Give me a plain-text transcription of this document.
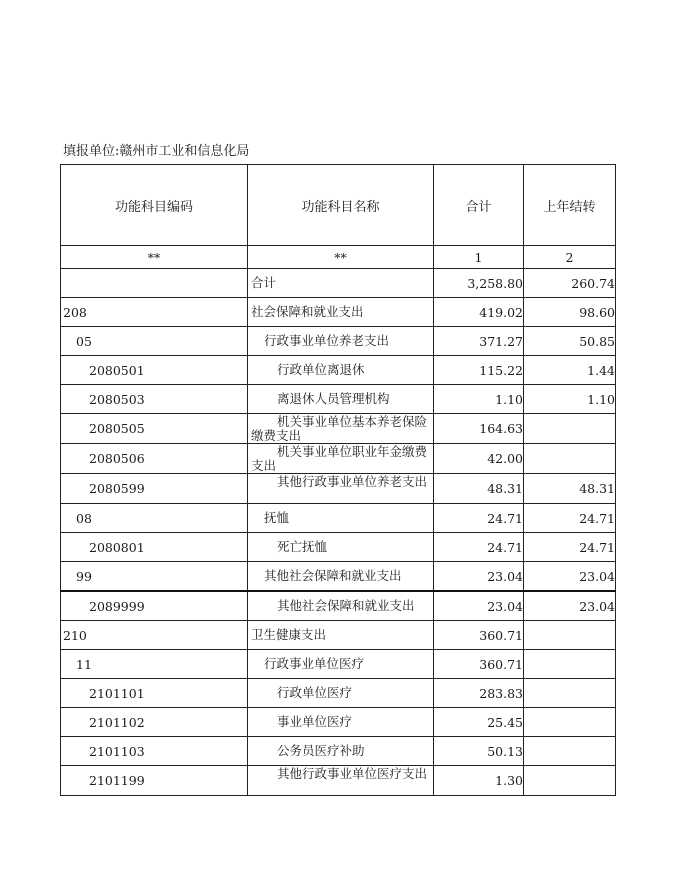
填报单位:赣州市工业和信息化局
功能科目编码	功能科目名称	合计	上年结转
**	**	1	2
	合计	3,258.80	260.74
208	社会保障和就业支出	419.02	98.60
05	行政事业单位养老支出	371.27	50.85
2080501	行政单位离退休	115.22	1.44
2080503	离退休人员管理机构	1.10	1.10
2080505	机关事业单位基本养老保险缴费支出	164.63	
2080506	机关事业单位职业年金缴费支出	42.00	
2080599	其他行政事业单位养老支出	48.31	48.31
08	抚恤	24.71	24.71
2080801	死亡抚恤	24.71	24.71
99	其他社会保障和就业支出	23.04	23.04
2089999	其他社会保障和就业支出	23.04	23.04
210	卫生健康支出	360.71	
11	行政事业单位医疗	360.71	
2101101	行政单位医疗	283.83	
2101102	事业单位医疗	25.45	
2101103	公务员医疗补助	50.13	
2101199	其他行政事业单位医疗支出	1.30	
